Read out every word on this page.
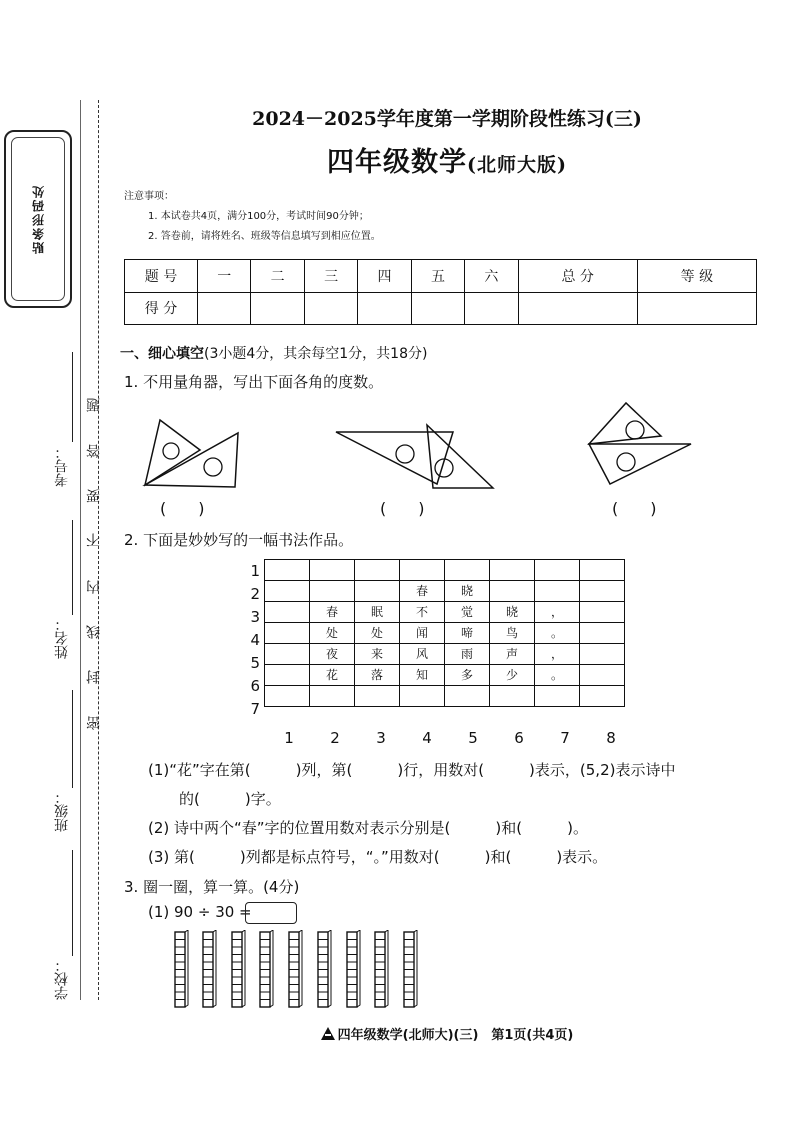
贴条形码处
考号：
姓名：
班级：
学校：
题
答
要
不
内
线
封
密
2024－2025学年度第一学期阶段性练习(三)
四年级数学(北师大版)
注意事项：
1. 本试卷共4页，满分100分，考试时间90分钟；
2. 答卷前，请将姓名、班级等信息填写到相应位置。
题 号	一	二	三	四	五	六	总 分	等 级
得 分								
一、细心填空(3小题4分，其余每空1分，共18分)
1. 不用量角器，写出下面各角的度数。
(　　)	(　　)	(　　)
2. 下面是妙妙写的一幅书法作品。
1
2
3
4
5
6
7

			春	晓			
	春	眠	不	觉	晓	，	
	处	处	闻	啼	鸟	。	
	夜	来	风	雨	声	，	
	花	落	知	多	少	。	

1	2	3	4	5	6	7	8
(1)“花”字在第(　　　)列，第(　　　)行，用数对(　　　)表示，(5,2)表示诗中
的(　　　)字。
(2) 诗中两个“春”字的位置用数对表示分别是(　　　)和(　　　)。
(3) 第(　　　)列都是标点符号，“。”用数对(　　　)和(　　　)表示。
3. 圈一圈，算一算。(4分)
(1) 90 ÷ 30 =
四年级数学(北师大)(三)　第1页(共4页)
